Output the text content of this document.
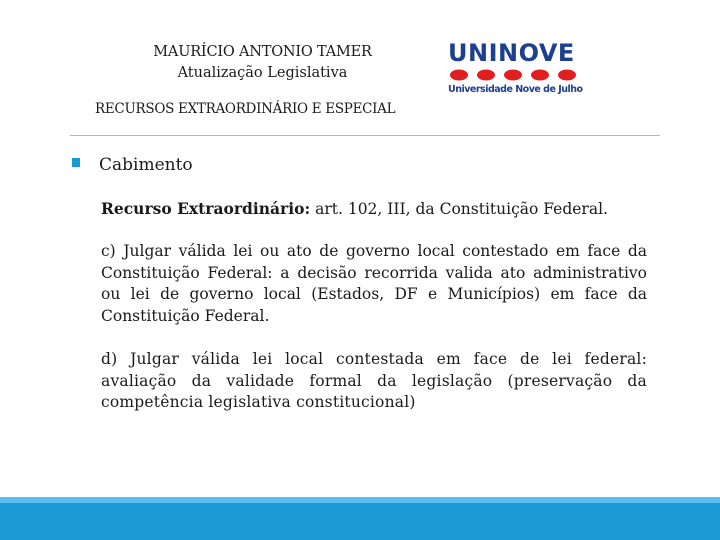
MAURÍCIO ANTONIO TAMER
Atualização Legislativa
RECURSOS EXTRAORDINÁRIO E ESPECIAL
UNINOVE
Universidade Nove de Julho
Cabimento
Recurso Extraordinário: art. 102, III, da Constituição Federal.
c) Julgar válida lei ou ato de governo local contestado em face da Constituição Federal: a decisão recorrida valida ato administrativo ou lei de governo local (Estados, DF e Municípios) em face da Constituição Federal.
d) Julgar válida lei local contestada em face de lei federal: avaliação da validade formal da legislação (preservação da competência legislativa constitucional)
